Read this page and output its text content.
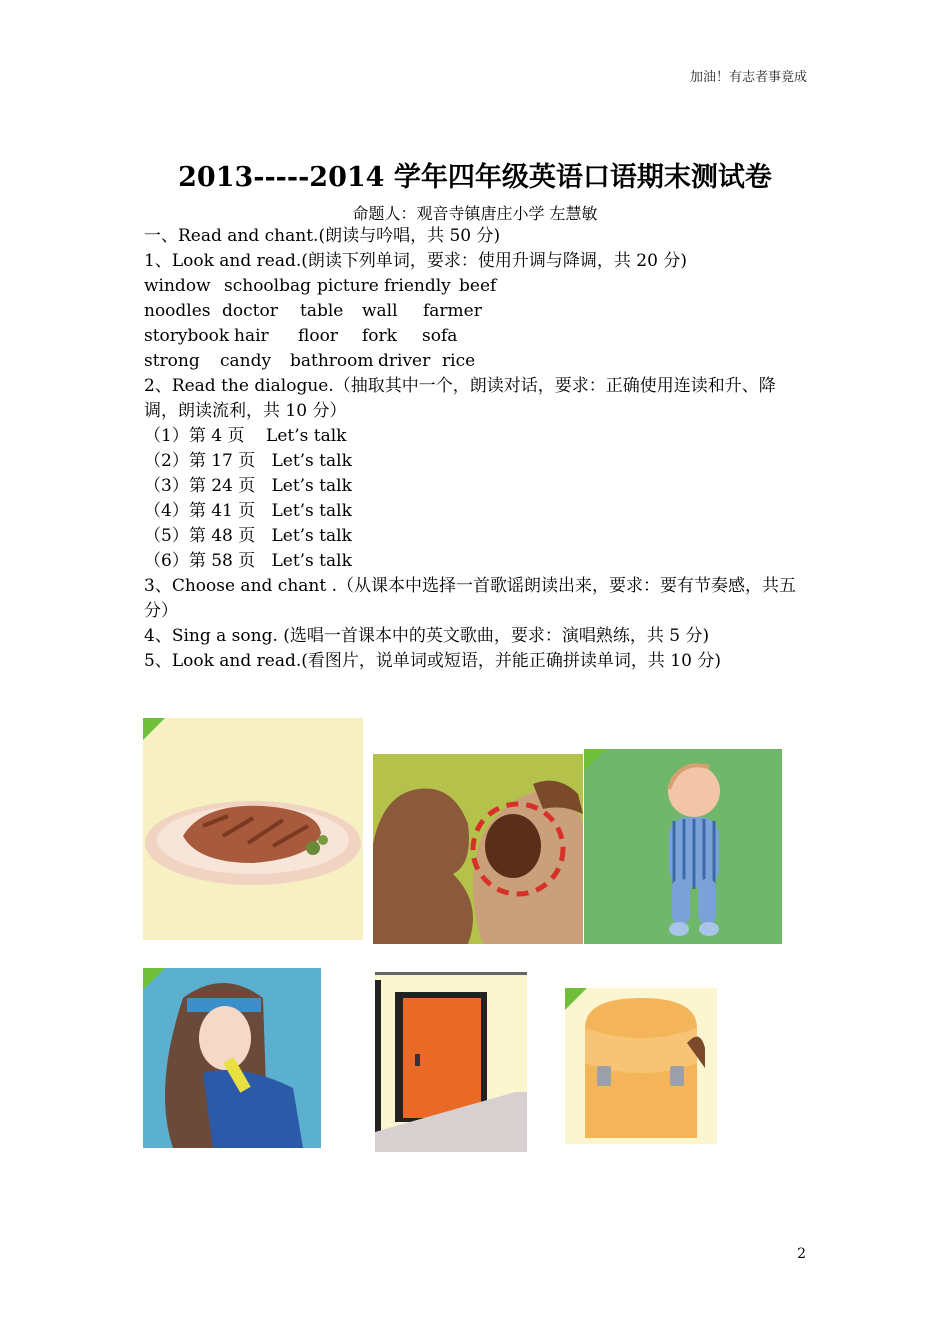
加油！有志者事竟成
2013-----2014 学年四年级英语口语期末测试卷
命题人：观音寺镇唐庄小学 左慧敏
一、Read and chant.(朗读与吟唱，共 50 分)
1、Look and read.(朗读下列单词，要求：使用升调与降调，共 20 分)
window schoolbag picture friendly beef
noodles doctor table wall farmer
storybook hair floor fork sofa
strong candy bathroom driver rice
2、Read the dialogue.（抽取其中一个，朗读对话，要求：正确使用连读和升、降调，朗读流利，共 10 分）
（1）第 4 页    Let’s talk
（2）第 17 页   Let’s talk
（3）第 24 页   Let’s talk
（4）第 41 页   Let’s talk
（5）第 48 页   Let’s talk
（6）第 58 页   Let’s talk
3、Choose and chant .（从课本中选择一首歌谣朗读出来，要求：要有节奏感，共五分）
4、Sing a song. (选唱一首课本中的英文歌曲，要求：演唱熟练，共 5 分)
5、Look and read.(看图片，说单词或短语，并能正确拼读单词，共 10 分)
2
